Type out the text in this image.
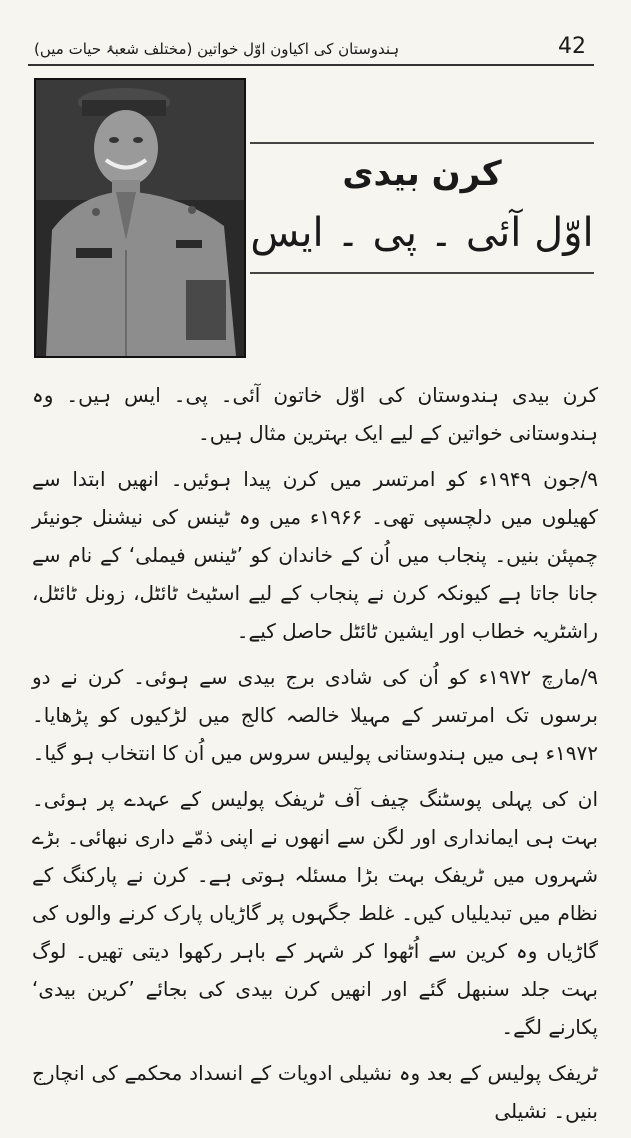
ہندوستان کی اکیاون اوّل خواتین (مختلف شعبۂ حیات میں)	42
کرن بیدی
اوّل آئی ۔ پی ۔ ایس

کرن بیدی ہندوستان کی اوّل خاتون آئی۔ پی۔ ایس ہیں۔ وہ ہندوستانی خواتین کے لیے ایک بہترین مثال ہیں۔

۹/جون ۱۹۴۹ء کو امرتسر میں کرن پیدا ہوئیں۔ انھیں ابتدا سے کھیلوں میں دلچسپی تھی۔ ۱۹۶۶ء میں وہ ٹینس کی نیشنل جونیئر چمپئن بنیں۔ پنجاب میں اُن کے خاندان کو ’ٹینس فیملی‘ کے نام سے جانا جاتا ہے کیونکہ کرن نے پنجاب کے لیے اسٹیٹ ٹائٹل، زونل ٹائٹل، راشٹریہ خطاب اور ایشین ٹائٹل حاصل کیے۔

۹/مارچ ۱۹۷۲ء کو اُن کی شادی برج بیدی سے ہوئی۔ کرن نے دو برسوں تک امرتسر کے مہیلا خالصہ کالج میں لڑکیوں کو پڑھایا۔ ۱۹۷۲ء ہی میں ہندوستانی پولیس سروس میں اُن کا انتخاب ہو گیا۔

ان کی پہلی پوسٹنگ چیف آف ٹریفک پولیس کے عہدے پر ہوئی۔ بہت ہی ایمانداری اور لگن سے انھوں نے اپنی ذمّے داری نبھائی۔ بڑے شہروں میں ٹریفک بہت بڑا مسئلہ ہوتی ہے۔ کرن نے پارکنگ کے نظام میں تبدیلیاں کیں۔ غلط جگہوں پر گاڑیاں پارک کرنے والوں کی گاڑیاں وہ کرین سے اُٹھوا کر شہر کے باہر رکھوا دیتی تھیں۔ لوگ بہت جلد سنبھل گئے اور انھیں کرن بیدی کی بجائے ’کرین بیدی‘ پکارنے لگے۔

ٹریفک پولیس کے بعد وہ نشیلی ادویات کے انسداد محکمے کی انچارج بنیں۔ نشیلی
